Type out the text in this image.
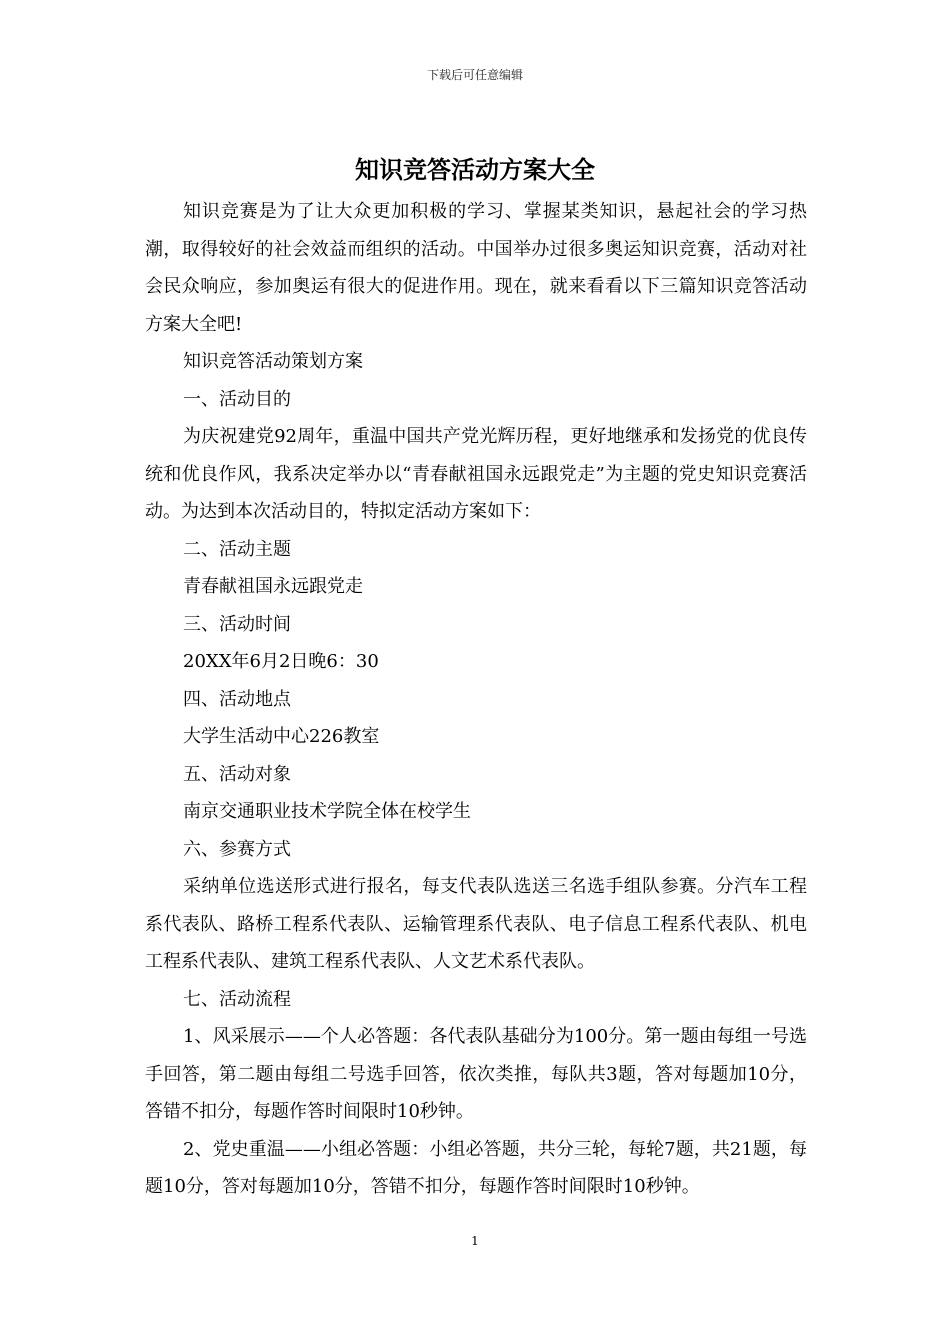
下载后可任意编辑
知识竞答活动方案大全

知识竞赛是为了让大众更加积极的学习、掌握某类知识，悬起社会的学习热潮，取得较好的社会效益而组织的活动。中国举办过很多奥运知识竞赛，活动对社会民众响应，参加奥运有很大的促进作用。现在，就来看看以下三篇知识竞答活动方案大全吧!

知识竞答活动策划方案

一、活动目的

为庆祝建党92周年，重温中国共产党光辉历程，更好地继承和发扬党的优良传统和优良作风，我系决定举办以“青春献祖国永远跟党走”为主题的党史知识竞赛活动。为达到本次活动目的，特拟定活动方案如下：

二、活动主题

青春献祖国永远跟党走

三、活动时间

20XX年6月2日晚6：30

四、活动地点

大学生活动中心226教室

五、活动对象

南京交通职业技术学院全体在校学生

六、参赛方式

采纳单位选送形式进行报名，每支代表队选送三名选手组队参赛。分汽车工程系代表队、路桥工程系代表队、运输管理系代表队、电子信息工程系代表队、机电工程系代表队、建筑工程系代表队、人文艺术系代表队。

七、活动流程

1、风采展示——个人必答题：各代表队基础分为100分。第一题由每组一号选手回答，第二题由每组二号选手回答，依次类推，每队共3题，答对每题加10分，答错不扣分，每题作答时间限时10秒钟。

2、党史重温——小组必答题：小组必答题，共分三轮，每轮7题，共21题，每题10分，答对每题加10分，答错不扣分，每题作答时间限时10秒钟。

1
